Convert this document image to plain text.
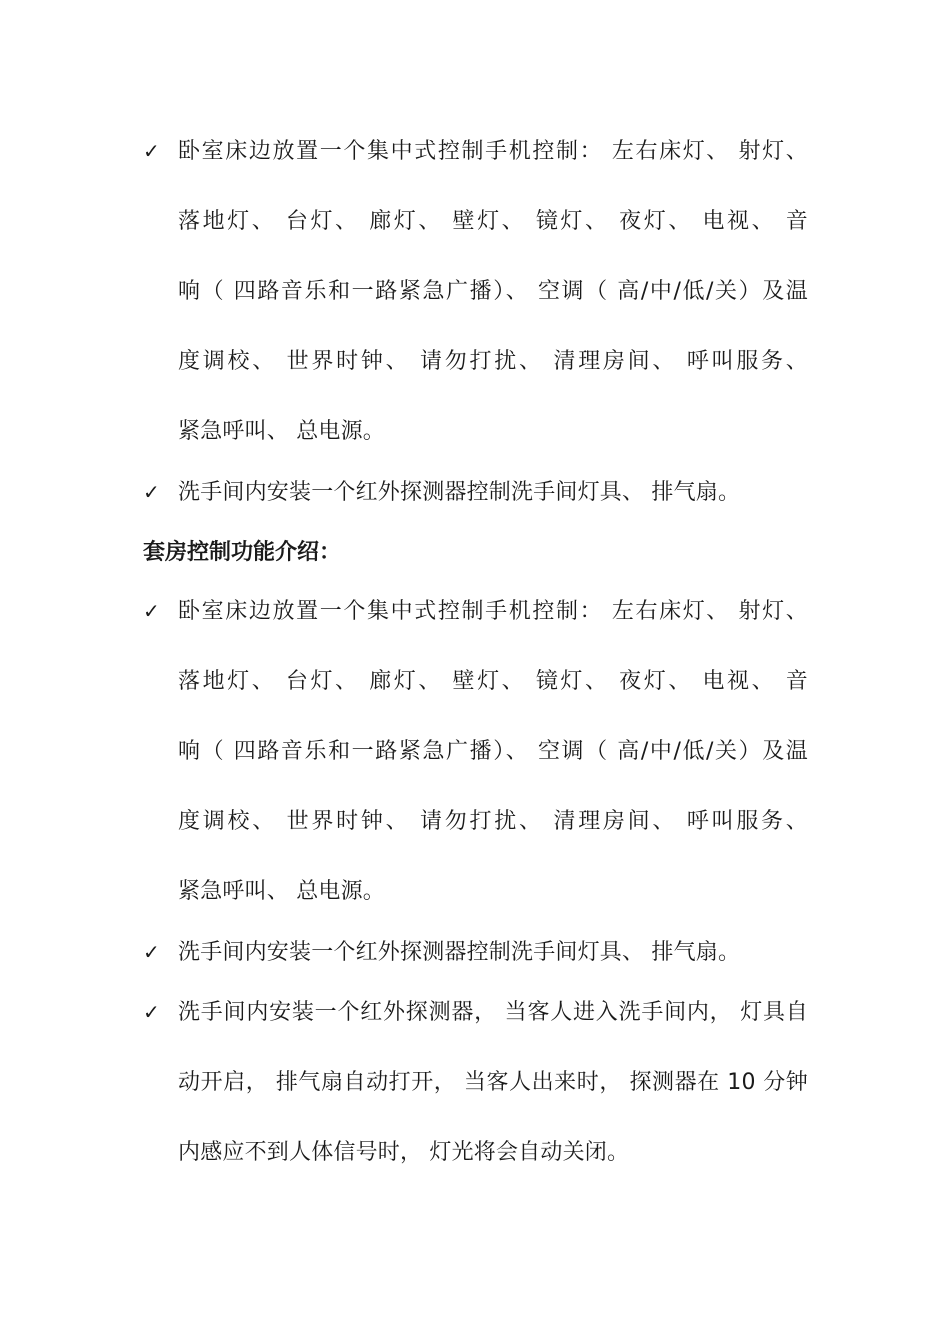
✓ 卧室床边放置一个集中式控制手机控制： 左右床灯、 射灯、
落地灯、 台灯、 廊灯、 壁灯、 镜灯、 夜灯、 电视、 音
响（ 四路音乐和一路紧急广播）、 空调（ 高/中/低/关）及温
度调校、 世界时钟、 请勿打扰、 清理房间、 呼叫服务、
紧急呼叫、 总电源。
✓ 洗手间内安装一个红外探测器控制洗手间灯具、 排气扇。
套房控制功能介绍：
✓ 卧室床边放置一个集中式控制手机控制： 左右床灯、 射灯、
落地灯、 台灯、 廊灯、 壁灯、 镜灯、 夜灯、 电视、 音
响（ 四路音乐和一路紧急广播）、 空调（ 高/中/低/关）及温
度调校、 世界时钟、 请勿打扰、 清理房间、 呼叫服务、
紧急呼叫、 总电源。
✓ 洗手间内安装一个红外探测器控制洗手间灯具、 排气扇。
✓ 洗手间内安装一个红外探测器， 当客人进入洗手间内， 灯具自
动开启， 排气扇自动打开， 当客人出来时， 探测器在 10 分钟
内感应不到人体信号时， 灯光将会自动关闭。
